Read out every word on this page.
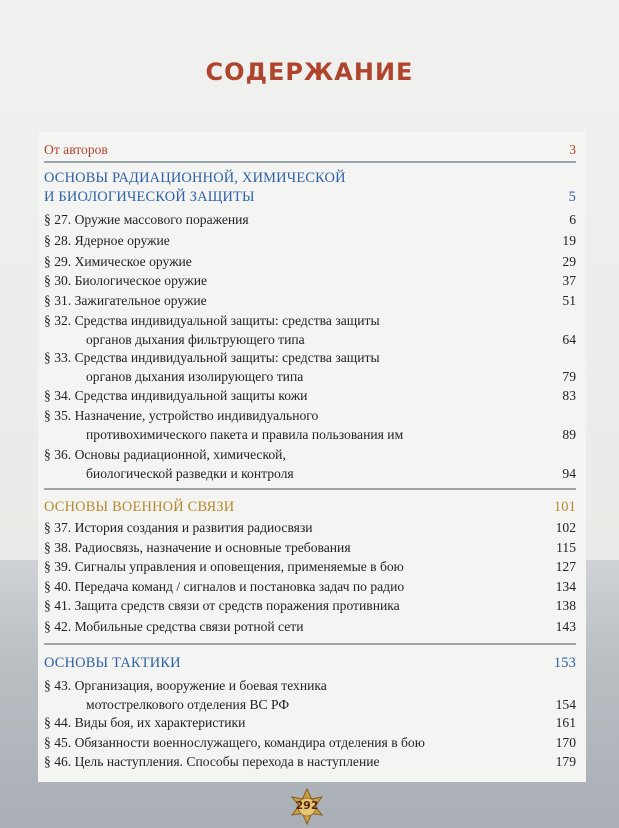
СОДЕРЖАНИЕ
От авторов	3
ОСНОВЫ РАДИАЦИОННОЙ, ХИМИЧЕСКОЙ
И БИОЛОГИЧЕСКОЙ ЗАЩИТЫ	5
§ 27. Оружие массового поражения	6
§ 28. Ядерное оружие	19
§ 29. Химическое оружие	29
§ 30. Биологическое оружие	37
§ 31. Зажигательное оружие	51
§ 32. Средства индивидуальной защиты: средства защиты
органов дыхания фильтрующего типа	64
§ 33. Средства индивидуальной защиты: средства защиты
органов дыхания изолирующего типа	79
§ 34. Средства индивидуальной защиты кожи	83
§ 35. Назначение, устройство индивидуального
противохимического пакета и правила пользования им	89
§ 36. Основы радиационной, химической,
биологической разведки и контроля	94
ОСНОВЫ ВОЕННОЙ СВЯЗИ	101
§ 37. История создания и развития радиосвязи	102
§ 38. Радиосвязь, назначение и основные требования	115
§ 39. Сигналы управления и оповещения, применяемые в бою	127
§ 40. Передача команд / сигналов и постановка задач по радио	134
§ 41. Защита средств связи от средств поражения противника	138
§ 42. Мобильные средства связи ротной сети	143
ОСНОВЫ ТАКТИКИ	153
§ 43. Организация, вооружение и боевая техника
мотострелкового отделения ВС РФ	154
§ 44. Виды боя, их характеристики	161
§ 45. Обязанности военнослужащего, командира отделения в бою	170
§ 46. Цель наступления. Способы перехода в наступление	179
292
